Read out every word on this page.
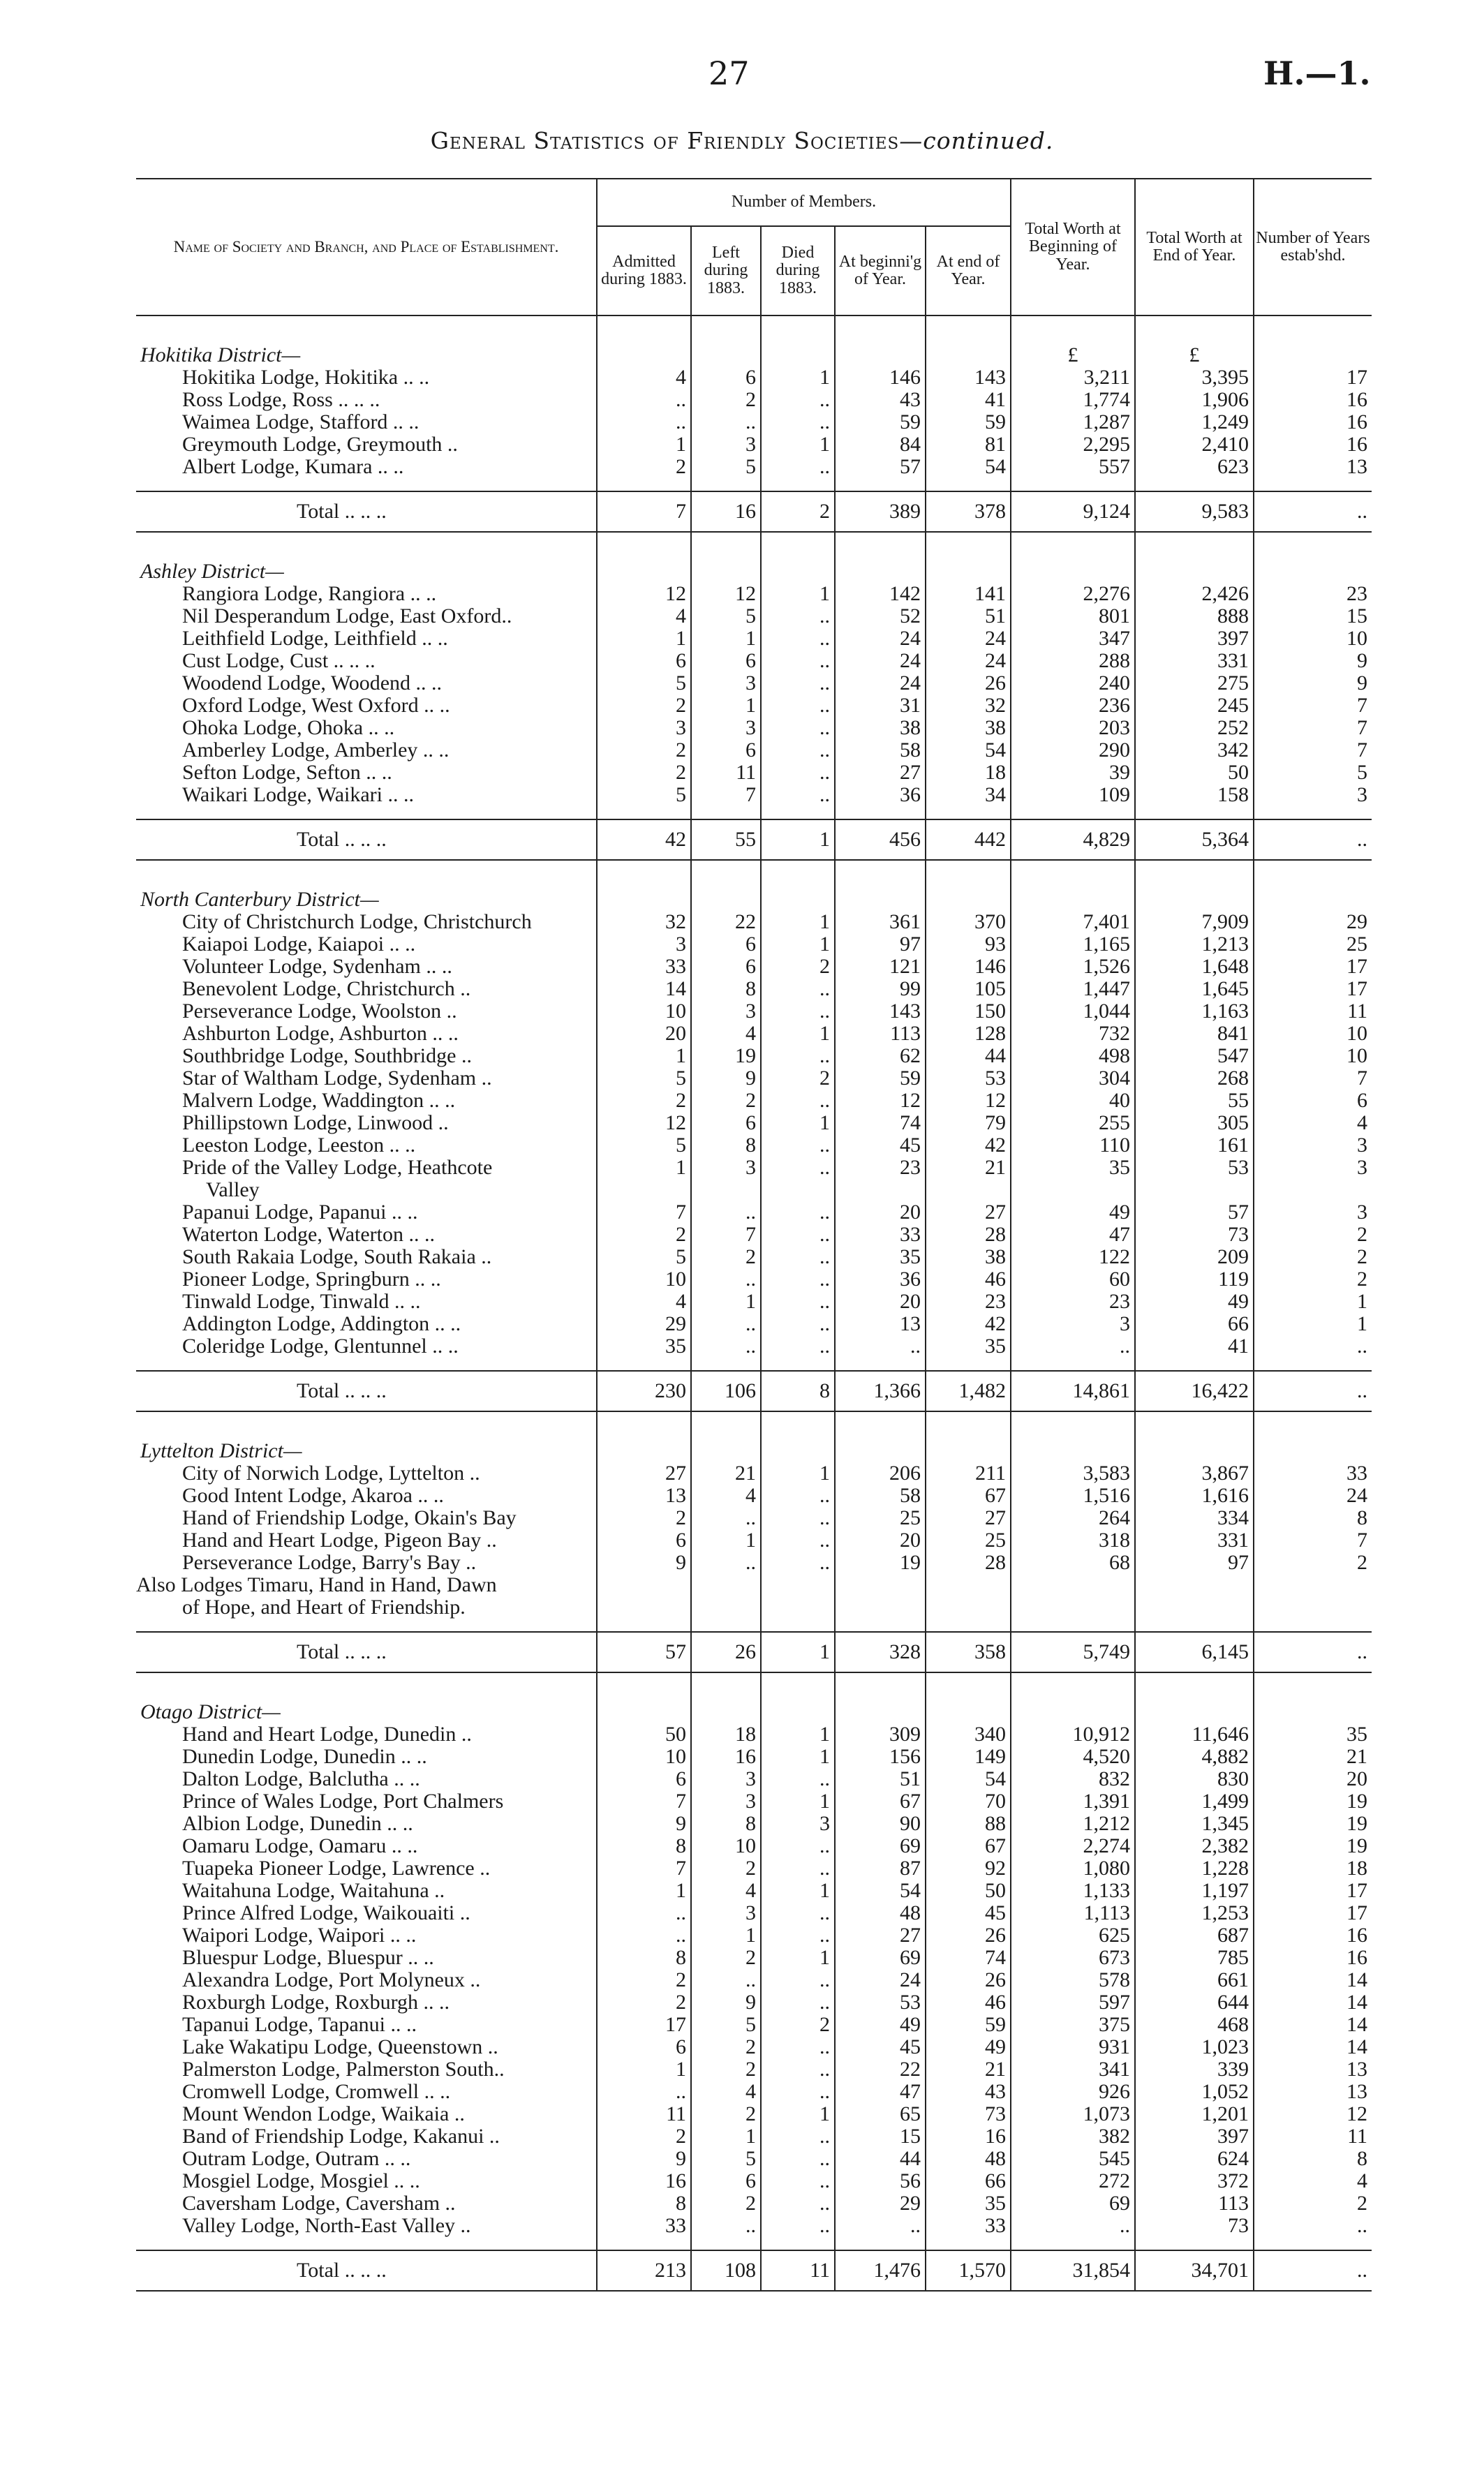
27	H.—1.
General Statistics of Friendly Societies—continued.
Name of Society and Branch, and Place of Establishment.	Number of Members.					Total Worth at Beginning of Year.	Total Worth at End of Year.	Number of Years estab'shd.
	Admitted during 1883.	Left during 1883.	Died during 1883.	At beginni'g of Year.	At end of Year.			

Hokitika District—						£	£	
Hokitika Lodge, Hokitika .. ..	4	6	1	146	143	3,211	3,395	17
Ross Lodge, Ross .. .. ..	..	2	..	43	41	1,774	1,906	16
Waimea Lodge, Stafford .. ..	..	..	..	59	59	1,287	1,249	16
Greymouth Lodge, Greymouth ..	1	3	1	84	81	2,295	2,410	16
Albert Lodge, Kumara .. ..	2	5	..	57	54	557	623	13

Total .. .. ..	7	16	2	389	378	9,124	9,583	..

Ashley District—								
Rangiora Lodge, Rangiora .. ..	12	12	1	142	141	2,276	2,426	23
Nil Desperandum Lodge, East Oxford..	4	5	..	52	51	801	888	15
Leithfield Lodge, Leithfield .. ..	1	1	..	24	24	347	397	10
Cust Lodge, Cust .. .. ..	6	6	..	24	24	288	331	9
Woodend Lodge, Woodend .. ..	5	3	..	24	26	240	275	9
Oxford Lodge, West Oxford .. ..	2	1	..	31	32	236	245	7
Ohoka Lodge, Ohoka .. ..	3	3	..	38	38	203	252	7
Amberley Lodge, Amberley .. ..	2	6	..	58	54	290	342	7
Sefton Lodge, Sefton .. ..	2	11	..	27	18	39	50	5
Waikari Lodge, Waikari .. ..	5	7	..	36	34	109	158	3

Total .. .. ..	42	55	1	456	442	4,829	5,364	..

North Canterbury District—								
City of Christchurch Lodge, Christchurch	32	22	1	361	370	7,401	7,909	29
Kaiapoi Lodge, Kaiapoi .. ..	3	6	1	97	93	1,165	1,213	25
Volunteer Lodge, Sydenham .. ..	33	6	2	121	146	1,526	1,648	17
Benevolent Lodge, Christchurch ..	14	8	..	99	105	1,447	1,645	17
Perseverance Lodge, Woolston ..	10	3	..	143	150	1,044	1,163	11
Ashburton Lodge, Ashburton .. ..	20	4	1	113	128	732	841	10
Southbridge Lodge, Southbridge ..	1	19	..	62	44	498	547	10
Star of Waltham Lodge, Sydenham ..	5	9	2	59	53	304	268	7
Malvern Lodge, Waddington .. ..	2	2	..	12	12	40	55	6
Phillipstown Lodge, Linwood ..	12	6	1	74	79	255	305	4
Leeston Lodge, Leeston .. ..	5	8	..	45	42	110	161	3
Pride of the Valley Lodge, Heathcote	1	3	..	23	21	35	53	3
Valley								
Papanui Lodge, Papanui .. ..	7	..	..	20	27	49	57	3
Waterton Lodge, Waterton .. ..	2	7	..	33	28	47	73	2
South Rakaia Lodge, South Rakaia ..	5	2	..	35	38	122	209	2
Pioneer Lodge, Springburn .. ..	10	..	..	36	46	60	119	2
Tinwald Lodge, Tinwald .. ..	4	1	..	20	23	23	49	1
Addington Lodge, Addington .. ..	29	..	..	13	42	3	66	1
Coleridge Lodge, Glentunnel .. ..	35	..	..	..	35	..	41	..

Total .. .. ..	230	106	8	1,366	1,482	14,861	16,422	..

Lyttelton District—								
City of Norwich Lodge, Lyttelton ..	27	21	1	206	211	3,583	3,867	33
Good Intent Lodge, Akaroa .. ..	13	4	..	58	67	1,516	1,616	24
Hand of Friendship Lodge, Okain's Bay	2	..	..	25	27	264	334	8
Hand and Heart Lodge, Pigeon Bay ..	6	1	..	20	25	318	331	7
Perseverance Lodge, Barry's Bay ..	9	..	..	19	28	68	97	2
Also Lodges Timaru, Hand in Hand, Dawn								
of Hope, and Heart of Friendship.								

Total .. .. ..	57	26	1	328	358	5,749	6,145	..

Otago District—								
Hand and Heart Lodge, Dunedin ..	50	18	1	309	340	10,912	11,646	35
Dunedin Lodge, Dunedin .. ..	10	16	1	156	149	4,520	4,882	21
Dalton Lodge, Balclutha .. ..	6	3	..	51	54	832	830	20
Prince of Wales Lodge, Port Chalmers	7	3	1	67	70	1,391	1,499	19
Albion Lodge, Dunedin .. ..	9	8	3	90	88	1,212	1,345	19
Oamaru Lodge, Oamaru .. ..	8	10	..	69	67	2,274	2,382	19
Tuapeka Pioneer Lodge, Lawrence ..	7	2	..	87	92	1,080	1,228	18
Waitahuna Lodge, Waitahuna ..	1	4	1	54	50	1,133	1,197	17
Prince Alfred Lodge, Waikouaiti ..	..	3	..	48	45	1,113	1,253	17
Waipori Lodge, Waipori .. ..	..	1	..	27	26	625	687	16
Bluespur Lodge, Bluespur .. ..	8	2	1	69	74	673	785	16
Alexandra Lodge, Port Molyneux ..	2	..	..	24	26	578	661	14
Roxburgh Lodge, Roxburgh .. ..	2	9	..	53	46	597	644	14
Tapanui Lodge, Tapanui .. ..	17	5	2	49	59	375	468	14
Lake Wakatipu Lodge, Queenstown ..	6	2	..	45	49	931	1,023	14
Palmerston Lodge, Palmerston South..	1	2	..	22	21	341	339	13
Cromwell Lodge, Cromwell .. ..	..	4	..	47	43	926	1,052	13
Mount Wendon Lodge, Waikaia ..	11	2	1	65	73	1,073	1,201	12
Band of Friendship Lodge, Kakanui ..	2	1	..	15	16	382	397	11
Outram Lodge, Outram .. ..	9	5	..	44	48	545	624	8
Mosgiel Lodge, Mosgiel .. ..	16	6	..	56	66	272	372	4
Caversham Lodge, Caversham ..	8	2	..	29	35	69	113	2
Valley Lodge, North-East Valley ..	33	..	..	..	33	..	73	..

Total .. .. ..	213	108	11	1,476	1,570	31,854	34,701	..
